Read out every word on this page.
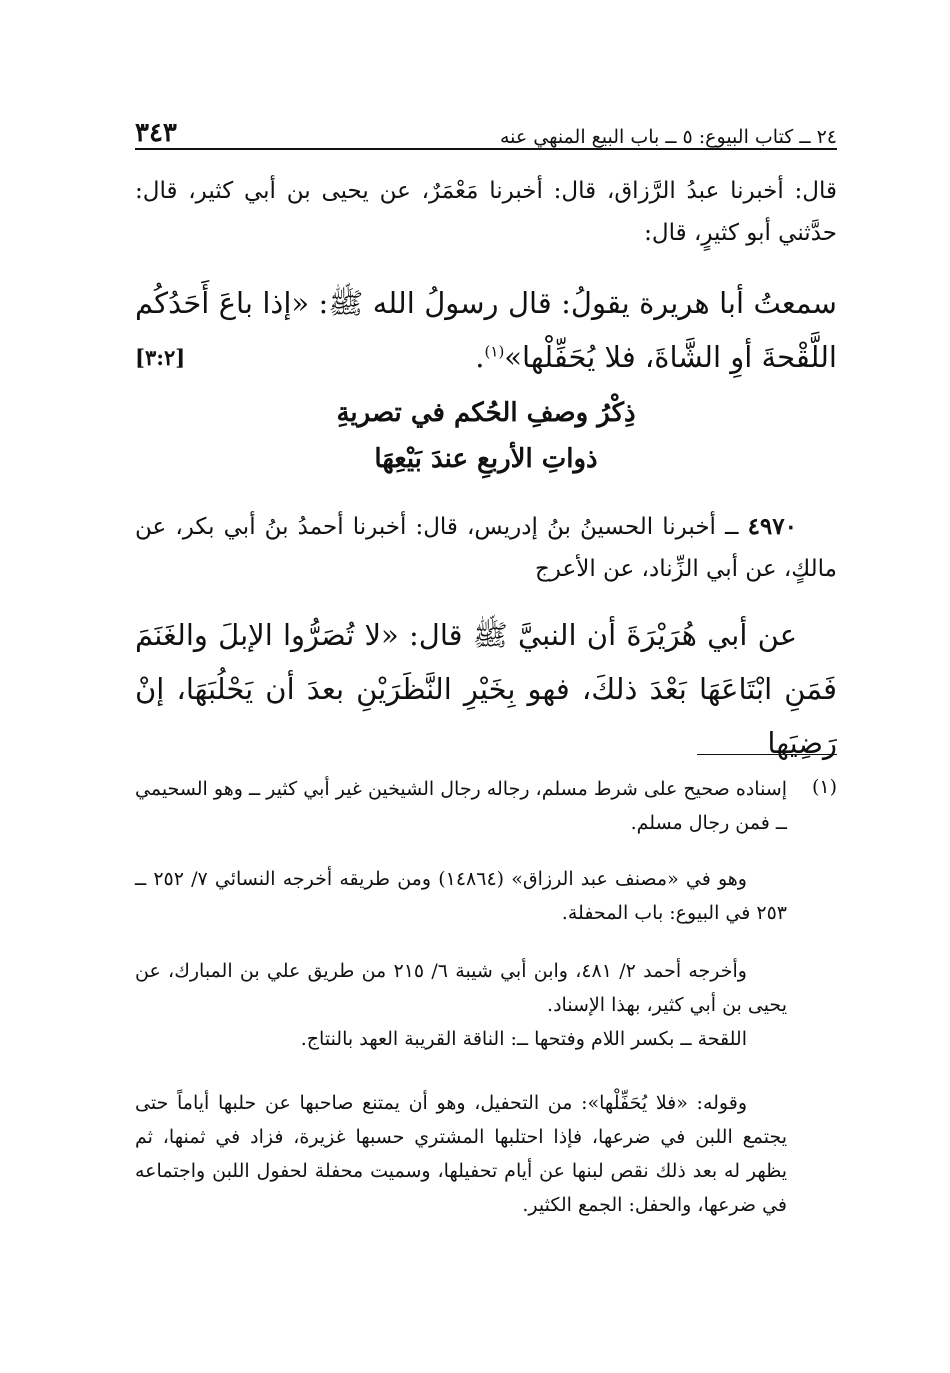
٣٤٣	٢٤ ــ كتاب البيوع: ٥ ــ باب البيع المنهي عنه

قال: أخبرنا عبدُ الرَّزاق، قال: أخبرنا مَعْمَرٌ، عن يحيى بن أبي كثير، قال: حدَّثني أبو كثيرٍ، قال:

سمعتُ أبا هريرة يقولُ: قال رسولُ الله ﷺ: «إذا باعَ أَحَدُكُم اللَّقْحةَ أوِ الشَّاةَ، فلا يُحَفِّلْها»$^{(١)}$.

[٣:٢]
ذِكْرُ وصفِ الحُكم في تصريةِ
ذواتِ الأربعِ عندَ بَيْعِهَا

٤٩٧٠ ــ أخبرنا الحسينُ بنُ إدريس، قال: أخبرنا أحمدُ بنُ أبي بكر، عن مالكٍ، عن أبي الزِّناد، عن الأعرج

عن أبي هُرَيْرَةَ أن النبيَّ ﷺ قال: «لا تُصَرُّوا الإبلَ والغَنَمَ فَمَنِ ابْتَاعَهَا بَعْدَ ذلكَ، فهو بِخَيْرِ النَّظَرَيْنِ بعدَ أن يَحْلُبَهَا، إنْ رَضِيَها

(١)

إسناده صحيح على شرط مسلم، رجاله رجال الشيخين غير أبي كثير ــ وهو السحيمي ــ فمن رجال مسلم.

وهو في «مصنف عبد الرزاق» (١٤٨٦٤) ومن طريقه أخرجه النسائي ٧/ ٢٥٢ ــ ٢٥٣ في البيوع: باب المحفلة.

وأخرجه أحمد ٢/ ٤٨١، وابن أبي شيبة ٦/ ٢١٥ من طريق علي بن المبارك، عن يحيى بن أبي كثير، بهذا الإسناد.

اللقحة ــ بكسر اللام وفتحها ــ: الناقة القريبة العهد بالنتاج.

وقوله: «فلا يُحَفِّلْها»: من التحفيل، وهو أن يمتنع صاحبها عن حلبها أياماً حتى يجتمع اللبن في ضرعها، فإذا احتلبها المشتري حسبها غزيرة، فزاد في ثمنها، ثم يظهر له بعد ذلك نقص لبنها عن أيام تحفيلها، وسميت محفلة لحفول اللبن واجتماعه في ضرعها، والحفل: الجمع الكثير.
